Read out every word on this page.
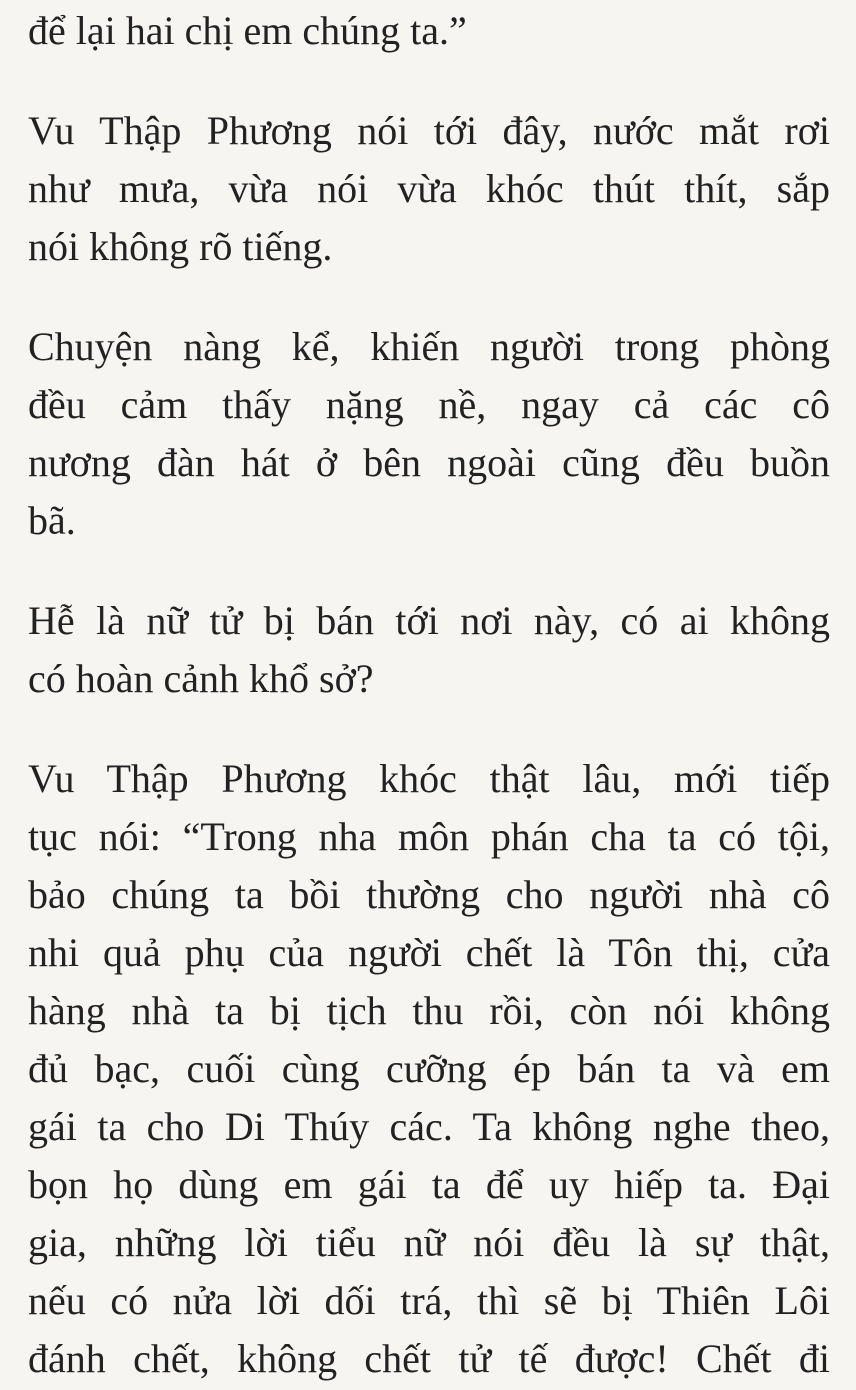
để lại hai chị em chúng ta.”
Vu Thập Phương nói tới đây, nước mắt rơi
như mưa, vừa nói vừa khóc thút thít, sắp
nói không rõ tiếng.
Chuyện nàng kể, khiến người trong phòng
đều cảm thấy nặng nề, ngay cả các cô
nương đàn hát ở bên ngoài cũng đều buồn
bã.
Hễ là nữ tử bị bán tới nơi này, có ai không
có hoàn cảnh khổ sở?
Vu Thập Phương khóc thật lâu, mới tiếp
tục nói: “Trong nha môn phán cha ta có tội,
bảo chúng ta bồi thường cho người nhà cô
nhi quả phụ của người chết là Tôn thị, cửa
hàng nhà ta bị tịch thu rồi, còn nói không
đủ bạc, cuối cùng cưỡng ép bán ta và em
gái ta cho Di Thúy các. Ta không nghe theo,
bọn họ dùng em gái ta để uy hiếp ta. Đại
gia, những lời tiểu nữ nói đều là sự thật,
nếu có nửa lời dối trá, thì sẽ bị Thiên Lôi
đánh chết, không chết tử tế được! Chết đi
